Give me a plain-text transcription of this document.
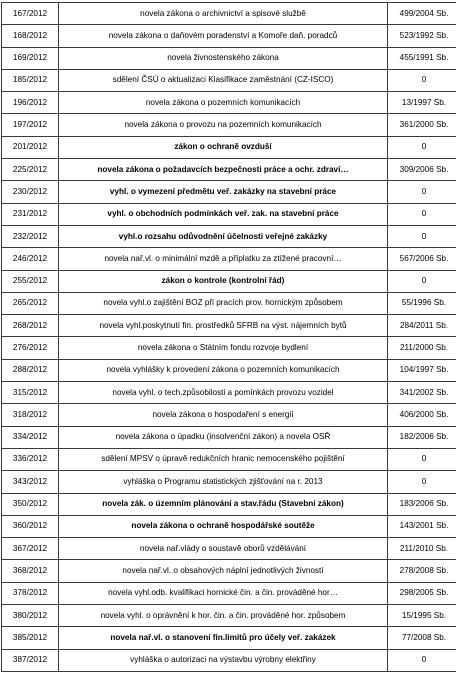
167/2012	novela zákona o archivnictví a spisové službě	499/2004 Sb.
168/2012	novela zákona o daňovém poradenství a Komoře daň. poradců	523/1992 Sb.
169/2012	novela živnostenského zákona	455/1991 Sb.
185/2012	sdělení ČSÚ o aktualizaci Klasifikace zaměstnání (CZ-ISCO)	0
196/2012	novela zákona o pozemních komunikacích	13/1997 Sb.
197/2012	novela zákona o provozu na pozemních komunikacích	361/2000 Sb.
201/2012	zákon o ochraně ovzduší	0
225/2012	novela zákona o požadavcích bezpečnosti práce a ochr. zdraví…	309/2006 Sb.
230/2012	vyhl. o vymezení předmětu veř. zakázky na stavební práce	0
231/2012	vyhl. o obchodních podmínkách veř. zak. na stavební práce	0
232/2012	vyhl.o rozsahu odůvodnění účelnosti veřejné zakázky	0
246/2012	novela nař.vl. o minimální mzdě a příplatku za ztížené pracovní…	567/2006 Sb.
255/2012	zákon o kontrole (kontrolní řád)	0
265/2012	novela vyhl.o zajištění BOZ při pracích prov. hornickým způsobem	55/1996 Sb.
268/2012	novela vyhl.poskytnutí fin. prostředků SFRB na výst. nájemních bytů	284/2011 Sb.
276/2012	novela zákona o Státním fondu rozvoje bydlení	211/2000 Sb.
288/2012	novela vyhlášky k provedení zákona o pozemních komunikacích	104/1997 Sb.
315/2012	novela vyhl. o tech.způsobilosti a pomínkách provozu vozidel	341/2002 Sb.
318/2012	novela zákona o hospodaření s energií	406/2000 Sb.
334/2012	novela zákona o úpadku (insolvenční zákon) a novela OSŘ	182/2006 Sb.
336/2012	sdělení MPSV o úpravě redukčních hranic nemocenského pojištění	0
343/2012	vyhláška o Programu statistických zjišťování na r. 2013	0
350/2012	novela zák. o územním plánování a stav.řádu (Stavební zákon)	183/2006 Sb.
360/2012	novela zákona o ochraně hospodářské soutěže	143/2001 Sb.
367/2012	novela nař.vlády o soustavě oborů vzdělávání	211/2010 Sb.
368/2012	novela nař.vl. o obsahových náplní jednotlivých živností	278/2008 Sb.
378/2012	novela vyhl.odb. kvalifikaci hornické čin. a čin. prováděné hor…	298/2005 Sb.
380/2012	novela vyhl. o oprávnění k hor. čin. a čin. prováděné hor. způsobem	15/1995 Sb.
385/2012	novela nař.vl. o stanovení fin.limitů pro účely veř. zakázek	77/2008 Sb.
387/2012	vyhláška o autorizaci na výstavbu výrobny elektřiny	0
